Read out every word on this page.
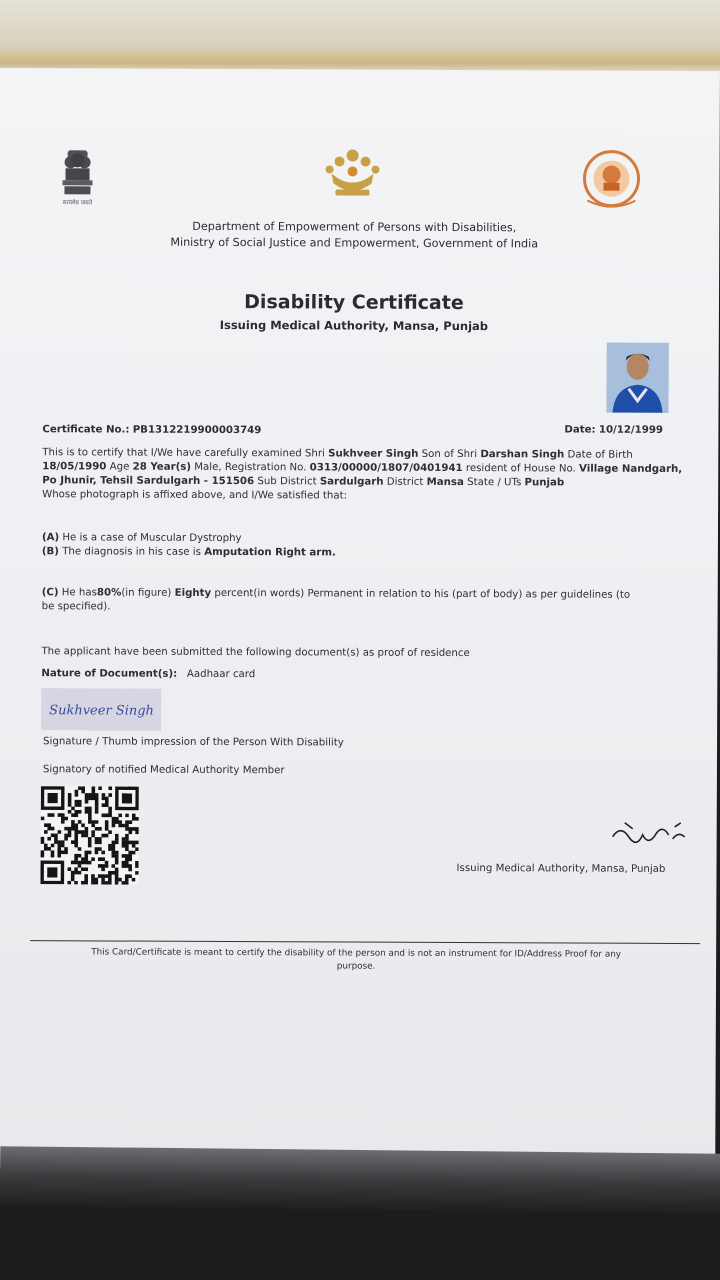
सत्यमेव जयते
Department of Empowerment of Persons with Disabilities,
Ministry of Social Justice and Empowerment, Government of India
Disability Certificate
Issuing Medical Authority, Mansa, Punjab
Certificate No.: PB1312219900003749	Date: 10/12/1999
This is to certify that I/We have carefully examined Shri Sukhveer Singh Son of Shri Darshan Singh Date of Birth 18/05/1990 Age 28 Year(s) Male, Registration No. 0313/00000/1807/0401941 resident of House No. Village Nandgarh, Po Jhunir, Tehsil Sardulgarh - 151506 Sub District Sardulgarh District Mansa State / UTs Punjab
Whose photograph is affixed above, and I/We satisfied that:
(A) He is a case of Muscular Dystrophy
(B) The diagnosis in his case is Amputation Right arm.
(C) He has80%(in figure) Eighty percent(in words) Permanent in relation to his (part of body) as per guidelines (to
be specified).
The applicant have been submitted the following document(s) as proof of residence
Nature of Document(s): Aadhaar card
Sukhveer Singh
Signature / Thumb impression of the Person With Disability
Signatory of notified Medical Authority Member
Issuing Medical Authority, Mansa, Punjab
This Card/Certificate is meant to certify the disability of the person and is not an instrument for ID/Address Proof for any
purpose.
